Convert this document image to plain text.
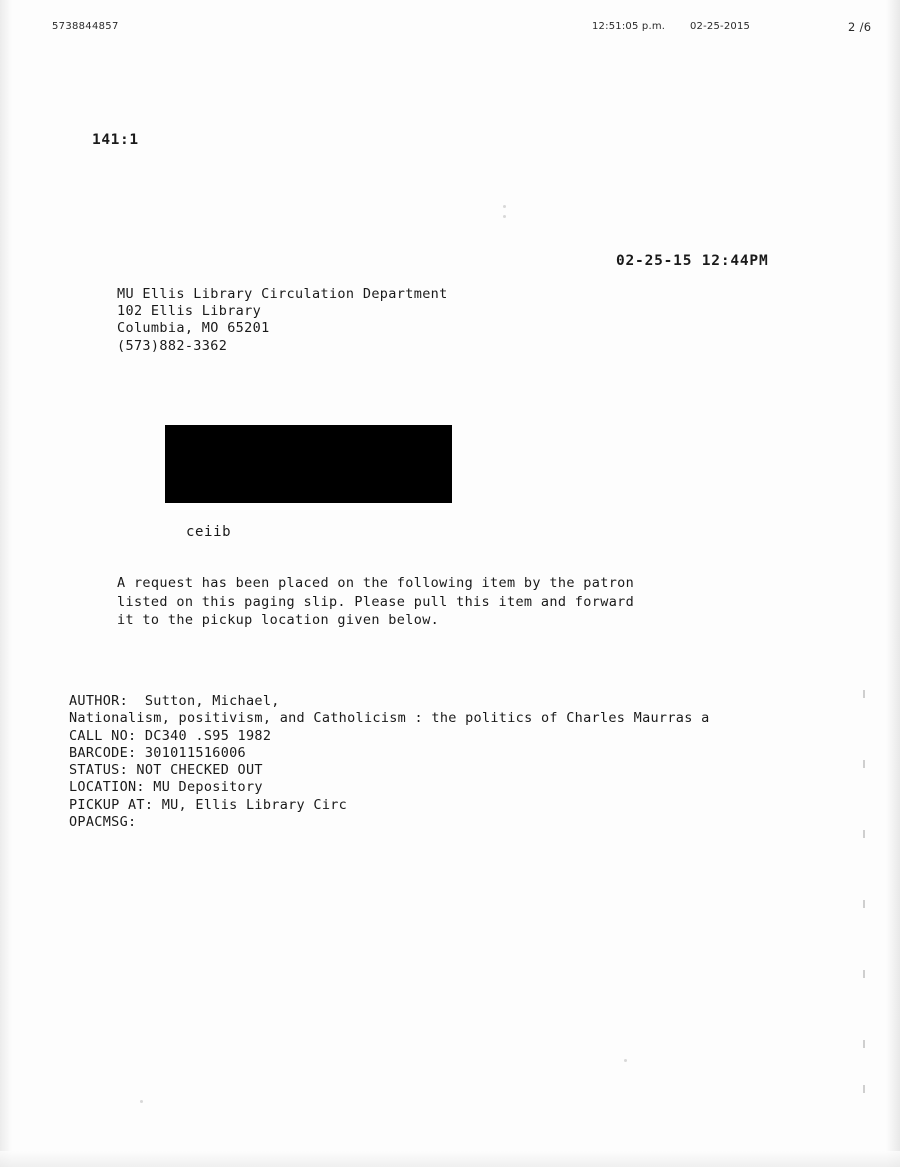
5738844857	12:51:05 p.m. 02-25-2015	2 /6
141:1
02-25-15 12:44PM
MU Ellis Library Circulation Department
102 Ellis Library
Columbia, MO 65201
(573)882-3362
ceiib
A request has been placed on the following item by the patron
listed on this paging slip. Please pull this item and forward
it to the pickup location given below.
AUTHOR:  Sutton, Michael,
Nationalism, positivism, and Catholicism : the politics of Charles Maurras a
CALL NO: DC340 .S95 1982
BARCODE: 301011516006
STATUS: NOT CHECKED OUT
LOCATION: MU Depository
PICKUP AT: MU, Ellis Library Circ
OPACMSG:
